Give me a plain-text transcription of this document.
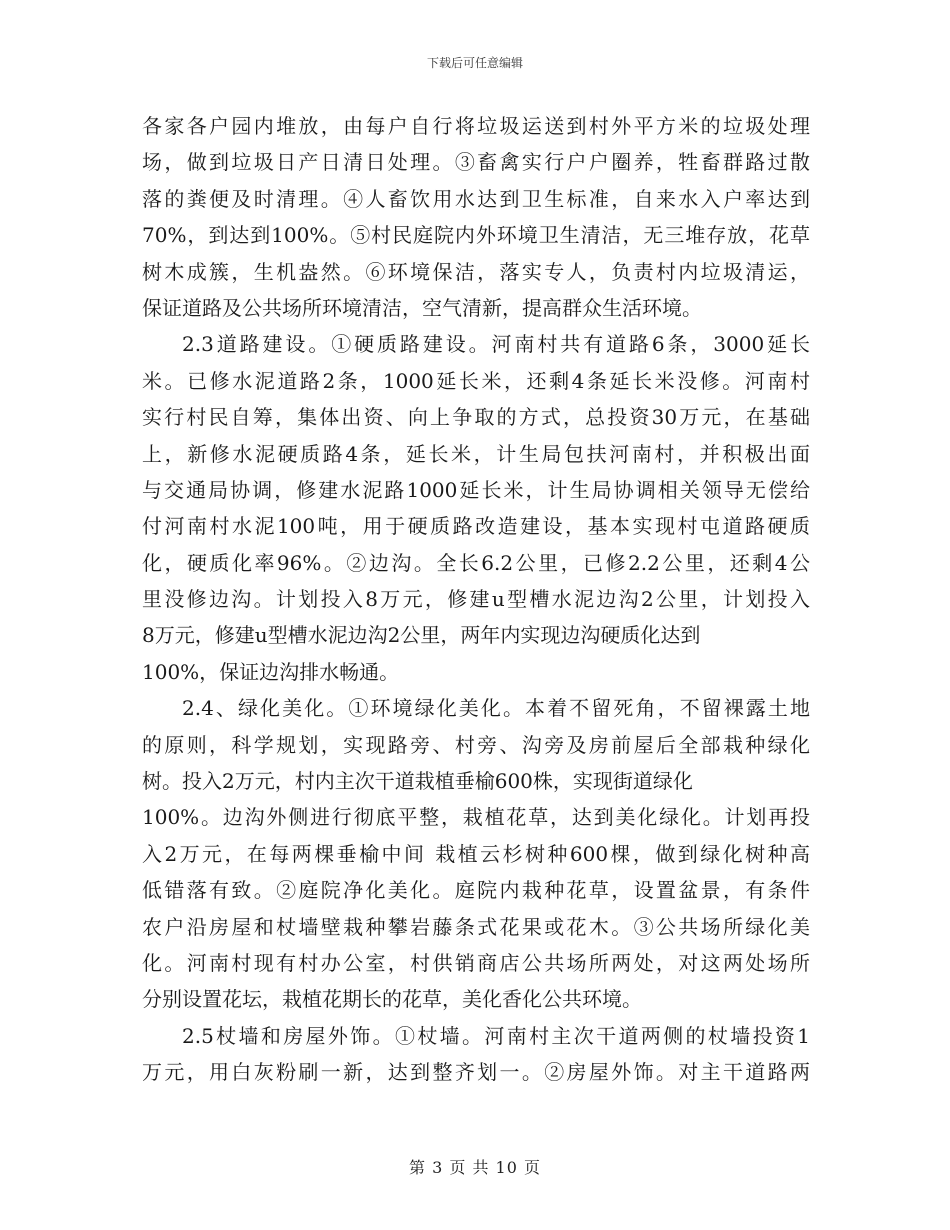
下载后可任意编辑
各家各户园内堆放，由每户自行将垃圾运送到村外平方米的垃圾处理
场，做到垃圾日产日清日处理。③畜禽实行户户圈养，牲畜群路过散
落的粪便及时清理。④人畜饮用水达到卫生标准，自来水入户率达到
70%，到达到100%。⑤村民庭院内外环境卫生清洁，无三堆存放，花草
树木成簇，生机盎然。⑥环境保洁，落实专人，负责村内垃圾清运，
保证道路及公共场所环境清洁，空气清新，提高群众生活环境。
2.3道路建设。①硬质路建设。河南村共有道路6条，3000延长
米。已修水泥道路2条，1000延长米，还剩4条延长米没修。河南村
实行村民自筹，集体出资、向上争取的方式，总投资30万元，在基础
上，新修水泥硬质路4条，延长米，计生局包扶河南村，并积极出面
与交通局协调，修建水泥路1000延长米，计生局协调相关领导无偿给
付河南村水泥100吨，用于硬质路改造建设，基本实现村屯道路硬质
化，硬质化率96%。②边沟。全长6.2公里，已修2.2公里，还剩4公
里没修边沟。计划投入8万元，修建u型槽水泥边沟2公里，计划投入
8万元，修建u型槽水泥边沟2公里，两年内实现边沟硬质化达到
100%，保证边沟排水畅通。
2.4、绿化美化。①环境绿化美化。本着不留死角，不留裸露土地
的原则，科学规划，实现路旁、村旁、沟旁及房前屋后全部栽种绿化
树。投入2万元，村内主次干道栽植垂榆600株，实现街道绿化
100%。边沟外侧进行彻底平整，栽植花草，达到美化绿化。计划再投
入2万元，在每两棵垂榆中间 栽植云杉树种600棵，做到绿化树种高
低错落有致。②庭院净化美化。庭院内栽种花草，设置盆景，有条件
农户沿房屋和杖墙壁栽种攀岩藤条式花果或花木。③公共场所绿化美
化。河南村现有村办公室，村供销商店公共场所两处，对这两处场所
分别设置花坛，栽植花期长的花草，美化香化公共环境。
2.5杖墙和房屋外饰。①杖墙。河南村主次干道两侧的杖墙投资1
万元，用白灰粉刷一新，达到整齐划一。②房屋外饰。对主干道路两
第 3 页 共 10 页
